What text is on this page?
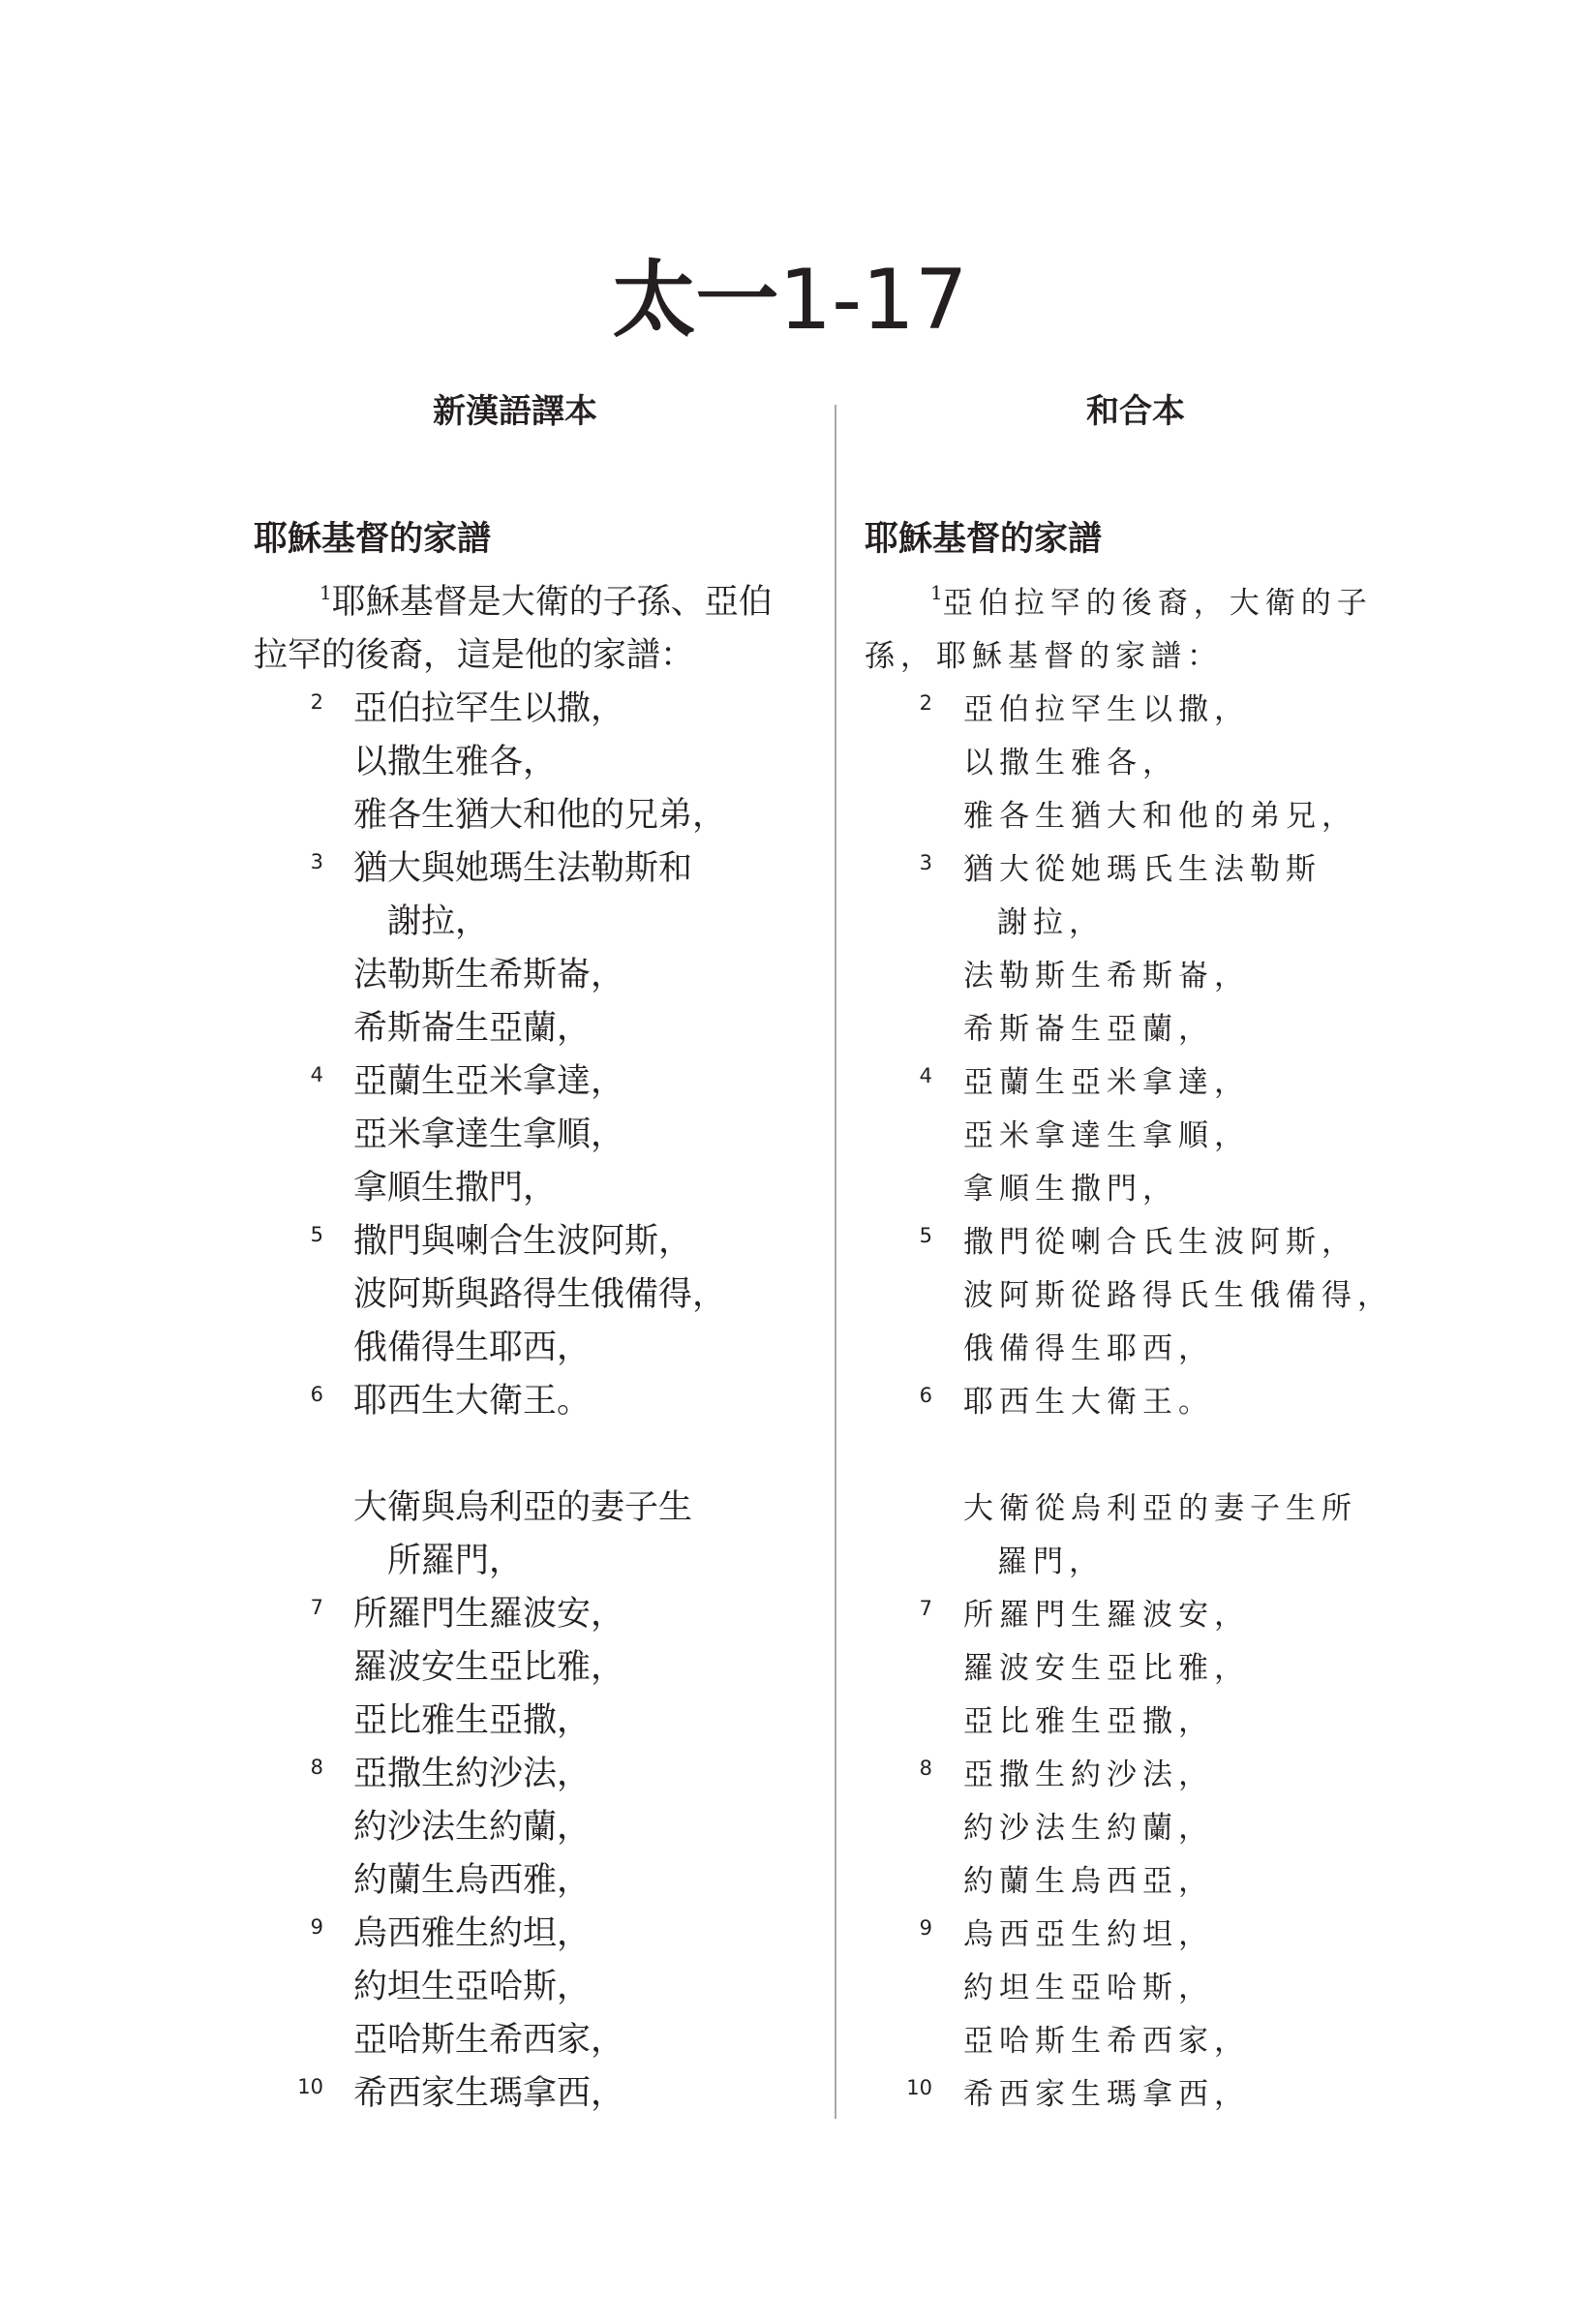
太一1-17
新漢語譯本
耶穌基督的家譜
$^1$耶穌基督是大衛的子孫、亞伯
拉罕的後裔，這是他的家譜：
2 亞伯拉罕生以撒，
以撒生雅各，
雅各生猶大和他的兄弟，
3 猶大與她瑪生法勒斯和
謝拉，
法勒斯生希斯崙，
希斯崙生亞蘭，
4 亞蘭生亞米拿達，
亞米拿達生拿順，
拿順生撒門，
5 撒門與喇合生波阿斯，
波阿斯與路得生俄備得，
俄備得生耶西，
6 耶西生大衛王。
大衛與烏利亞的妻子生
所羅門，
7 所羅門生羅波安，
羅波安生亞比雅，
亞比雅生亞撒，
8 亞撒生約沙法，
約沙法生約蘭，
約蘭生烏西雅，
9 烏西雅生約坦，
約坦生亞哈斯，
亞哈斯生希西家，
10 希西家生瑪拿西，
和合本
耶穌基督的家譜
$^1$亞伯拉罕的後裔，大衛的子
孫，耶穌基督的家譜：
2 亞伯拉罕生以撒，
以撒生雅各，
雅各生猶大和他的弟兄，
3 猶大從她瑪氏生法勒斯
謝拉，
法勒斯生希斯崙，
希斯崙生亞蘭，
4 亞蘭生亞米拿達，
亞米拿達生拿順，
拿順生撒門，
5 撒門從喇合氏生波阿斯，
波阿斯從路得氏生俄備得，
俄備得生耶西，
6 耶西生大衛王。
大衛從烏利亞的妻子生所
羅門，
7 所羅門生羅波安，
羅波安生亞比雅，
亞比雅生亞撒，
8 亞撒生約沙法，
約沙法生約蘭，
約蘭生烏西亞，
9 烏西亞生約坦，
約坦生亞哈斯，
亞哈斯生希西家，
10 希西家生瑪拿西，
